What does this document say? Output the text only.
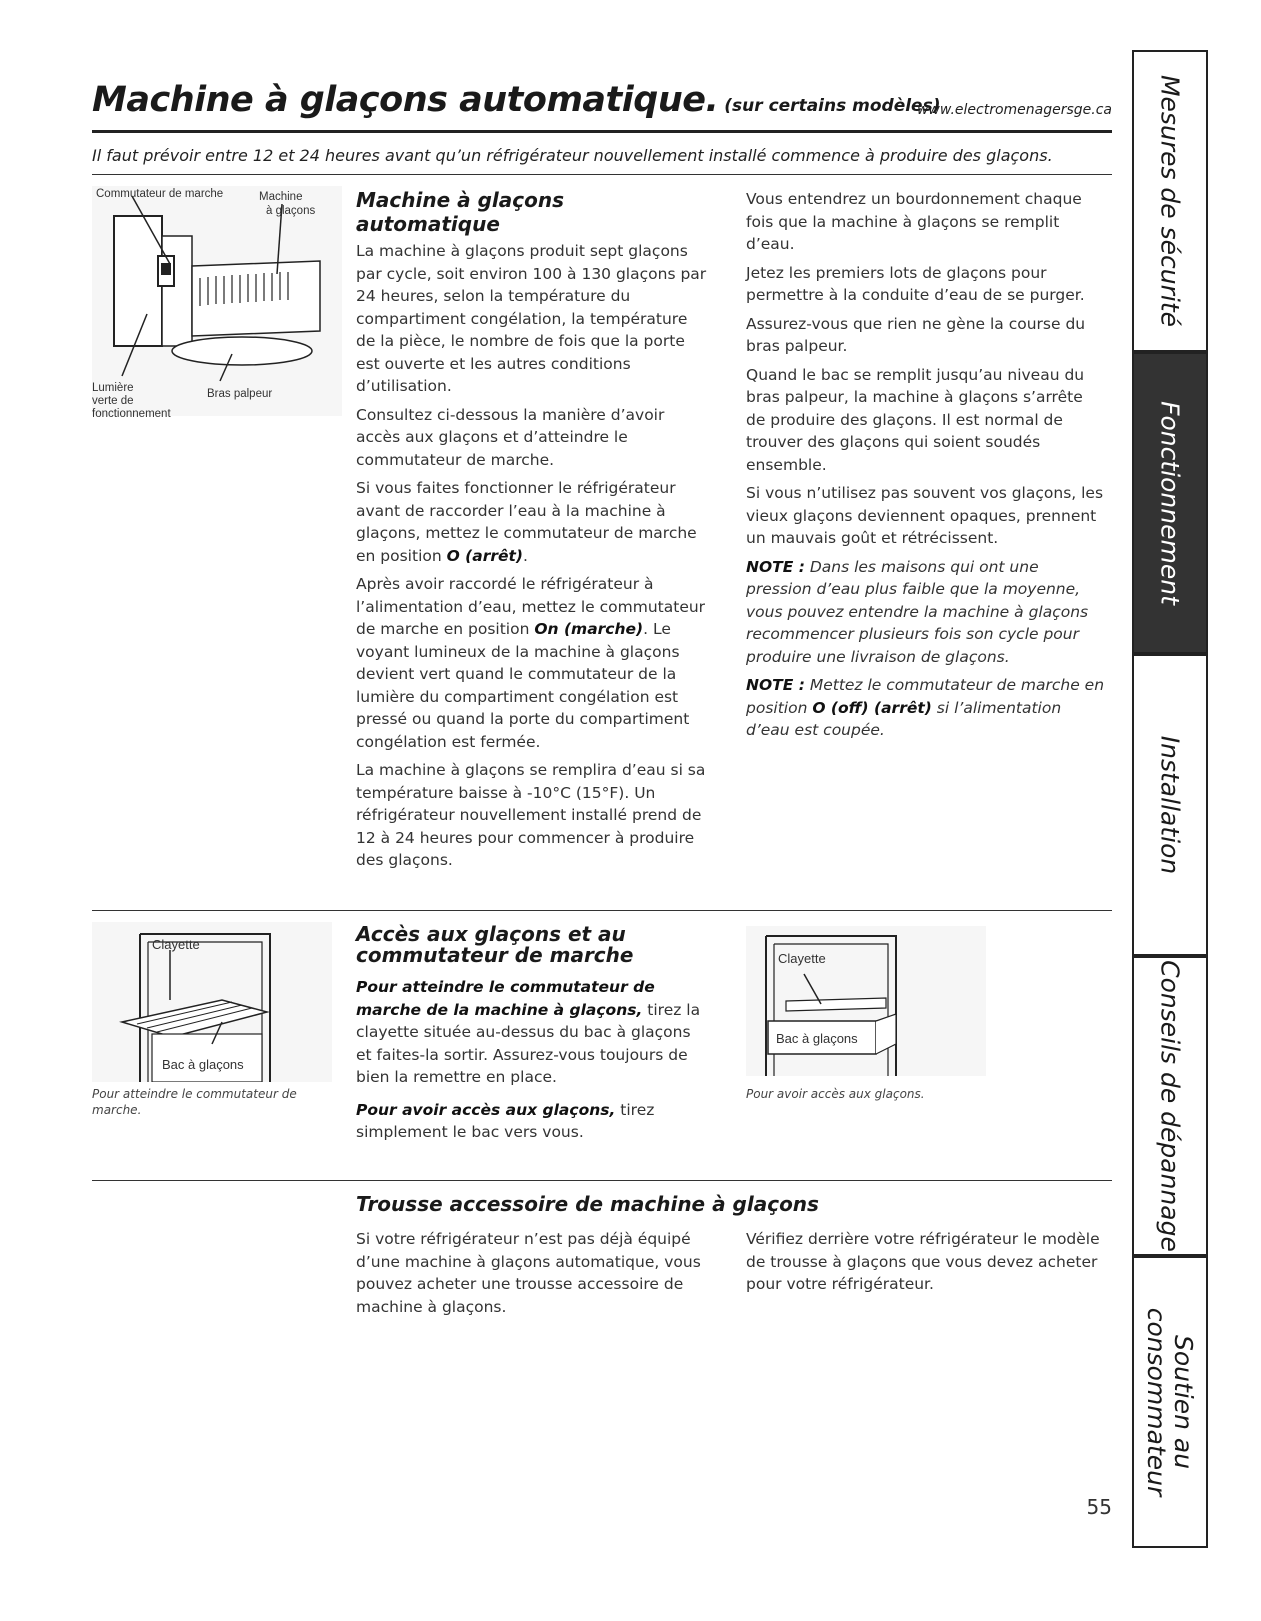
Machine à glaçons automatique. (sur certains modèles)
www.electromenagersge.ca
Il faut prévoir entre 12 et 24 heures avant qu’un réfrigérateur nouvellement installé commence à produire des glaçons.
Commutateur de marche	Machine
à glaçons
Lumière
verte de
fonctionnement
Bras palpeur
Machine à glaçons automatique

La machine à glaçons produit sept glaçons par cycle, soit environ 100 à 130 glaçons par 24 heures, selon la température du compartiment congélation, la température de la pièce, le nombre de fois que la porte est ouverte et les autres conditions d’utilisation.

Consultez ci-dessous la manière d’avoir accès aux glaçons et d’atteindre le commutateur de marche.

Si vous faites fonctionner le réfrigérateur avant de raccorder l’eau à la machine à glaçons, mettez le commutateur de marche en position O (arrêt).

Après avoir raccordé le réfrigérateur à l’alimentation d’eau, mettez le commutateur de marche en position On (marche). Le voyant lumineux de la machine à glaçons devient vert quand le commutateur de la lumière du compartiment congélation est pressé ou quand la porte du compartiment congélation est fermée.

La machine à glaçons se remplira d’eau si sa température baisse à -10°C (15°F). Un réfrigérateur nouvellement installé prend de 12 à 24 heures pour commencer à produire des glaçons.

Vous entendrez un bourdonnement chaque fois que la machine à glaçons se remplit d’eau.

Jetez les premiers lots de glaçons pour permettre à la conduite d’eau de se purger.

Assurez-vous que rien ne gène la course du bras palpeur.

Quand le bac se remplit jusqu’au niveau du bras palpeur, la machine à glaçons s’arrête de produire des glaçons. Il est normal de trouver des glaçons qui soient soudés ensemble.

Si vous n’utilisez pas souvent vos glaçons, les vieux glaçons deviennent opaques, prennent un mauvais goût et rétrécissent.

NOTE : Dans les maisons qui ont une pression d’eau plus faible que la moyenne, vous pouvez entendre la machine à glaçons recommencer plusieurs fois son cycle pour produire une livraison de glaçons.

NOTE : Mettez le commutateur de marche en position O (off) (arrêt) si l’alimentation d’eau est coupée.

Clayette
Bac à glaçons
Pour atteindre le commutateur de marche.
Accès aux glaçons et au
commutateur de marche

Pour atteindre le commutateur de marche de la machine à glaçons, tirez la clayette située au-dessus du bac à glaçons et faites-la sortir. Assurez-vous toujours de bien la remettre en place.

Pour avoir accès aux glaçons, tirez simplement le bac vers vous.

Clayette
Bac à glaçons
Pour avoir accès aux glaçons.
Trousse accessoire de machine à glaçons

Si votre réfrigérateur n’est pas déjà équipé d’une machine à glaçons automatique, vous pouvez acheter une trousse accessoire de machine à glaçons.

Vérifiez derrière votre réfrigérateur le modèle de trousse à glaçons que vous devez acheter pour votre réfrigérateur.

Mesures de sécurité
Fonctionnement
Installation
Conseils de dépannage
Soutien au
consommateur
55
